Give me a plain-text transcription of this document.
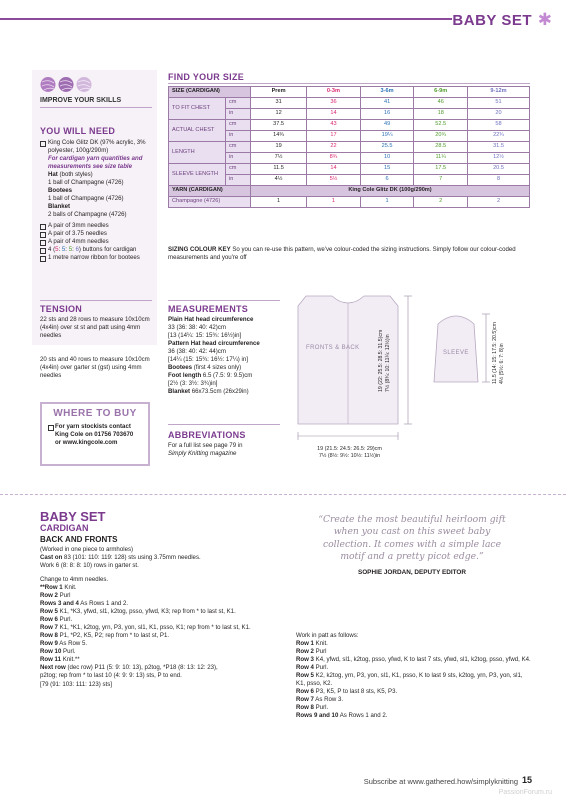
BABY SET ✱
IMPROVE YOUR SKILLS
YOU WILL NEED
King Cole Glitz DK (97% acrylic, 3% polyester, 100g/290m)
For cardigan yarn quantities and measurements see size table
Hat (both styles)
1 ball of Champagne (4726)
Bootees
1 ball of Champagne (4726)
Blanket
2 balls of Champagne (4726)
A pair of 3mm needles
A pair of 3.75 needles
A pair of 4mm needles
4 (5: 5: 5: 6) buttons for cardigan
1 metre narrow ribbon for bootees
TENSION
22 sts and 28 rows to measure 10x10cm (4x4in) over st st and patt using 4mm needles
20 sts and 40 rows to measure 10x10cm (4x4in) over garter st (gst) using 4mm needles
WHERE TO BUY
For yarn stockists contact
King Cole on 01756 703670
or www.kingcole.com
FIND YOUR SIZE
SIZE (CARDIGAN)		Prem	0-3m	3-6m	6-9m	9-12m
TO FIT CHEST	cm	31	36	41	46	51
	in	12	14	16	18	20
ACTUAL CHEST	cm	37.5	43	49	52.5	58
	in	14¾	17	19¼	20¾	22¾
LENGTH	cm	19	22	25.5	28.5	31.5
	in	7½	8¾	10	11¼	12½
SLEEVE LENGTH	cm	11.5	14	15	17.5	20.5
	in	4½	5½	6	7	8
YARN (CARDIGAN)		King Cole Glitz DK (100g/290m)				
Champagne (4726)		1	1	1	2	2
SIZING COLOUR KEY So you can re-use this pattern, we've colour-coded the sizing instructions. Simply follow our colour-coded measurements and you're off
MEASUREMENTS
Plain Hat head circumference
33 (36: 38: 40: 42)cm
[13 (14¼: 15: 15¾: 16½)in]
Pattern Hat head circumference
36 (38: 40: 42: 44)cm
[14¼ (15: 15¾: 16½: 17¼) in]
Bootees (first 4 sizes only)
Foot length 6.5 (7.5: 9: 9.5)cm
[2½ (3: 3½: 3¾)in]
Blanket 66x73.5cm (26x29in)
ABBREVIATIONS
For a full list see page 79 in
Simply Knitting magazine
FRONTS & BACK
SLEEVE
19 (21.5: 24.5: 26.5: 29)cm
7½ (8½: 9½: 10½: 11½)in
19 (22: 25.5: 28.5: 31.5)cm 7½ (8¾: 10: 11¼: 12½)in	11.5 (14: 15: 17.5: 20.5)cm 4½ (5½: 6: 7: 8)in
BABY SET
CARDIGAN
BACK AND FRONTS
(Worked in one piece to armholes)
Cast on 83 (101: 110: 119: 128) sts using 3.75mm needles.
Work 6 (8: 8: 8: 10) rows in garter st.
Change to 4mm needles.
**Row 1 Knit.
Row 2 Purl
Rows 3 and 4 As Rows 1 and 2.
Row 5 K1, *K3, yfwd, sl1, k2tog, psso, yfwd, K3; rep from * to last st, K1.
Row 6 Purl.
Row 7 K1, *K1, k2tog, yrn, P3, yon, sl1, K1, psso, K1; rep from * to last st, K1.
Row 8 P1, *P2, K5, P2; rep from * to last st, P1.
Row 9 As Row 5.
Row 10 Purl.
Row 11 Knit.**
Next row (dec row) P11 (5: 9: 10: 13), p2tog, *P18 (8: 13: 12: 23),
p2tog; rep from * to last 10 (4: 9: 9: 13) sts, P to end.
[79 (91: 103: 111: 123) sts]
“Create the most beautiful heirloom gift when you cast on this sweet baby collection. It comes with a simple lace motif and a pretty picot edge.”
SOPHIE JORDAN, DEPUTY EDITOR
Work in patt as follows:
Row 1 Knit.
Row 2 Purl
Row 3 K4, yfwd, sl1, k2tog, psso, yfwd, K to last 7 sts, yfwd, sl1, k2tog, psso, yfwd, K4.
Row 4 Purl.
Row 5 K2, k2tog, yrn, P3, yon, sl1, K1, psso, K to last 9 sts, k2tog, yrn, P3, yon, sl1, K1, psso, K2.
Row 6 P3, K5, P to last 8 sts, K5, P3.
Row 7 As Row 3.
Row 8 Purl.
Rows 9 and 10 As Rows 1 and 2.
Subscribe at www.gathered.how/simplyknitting 15
PassionForum.ru
